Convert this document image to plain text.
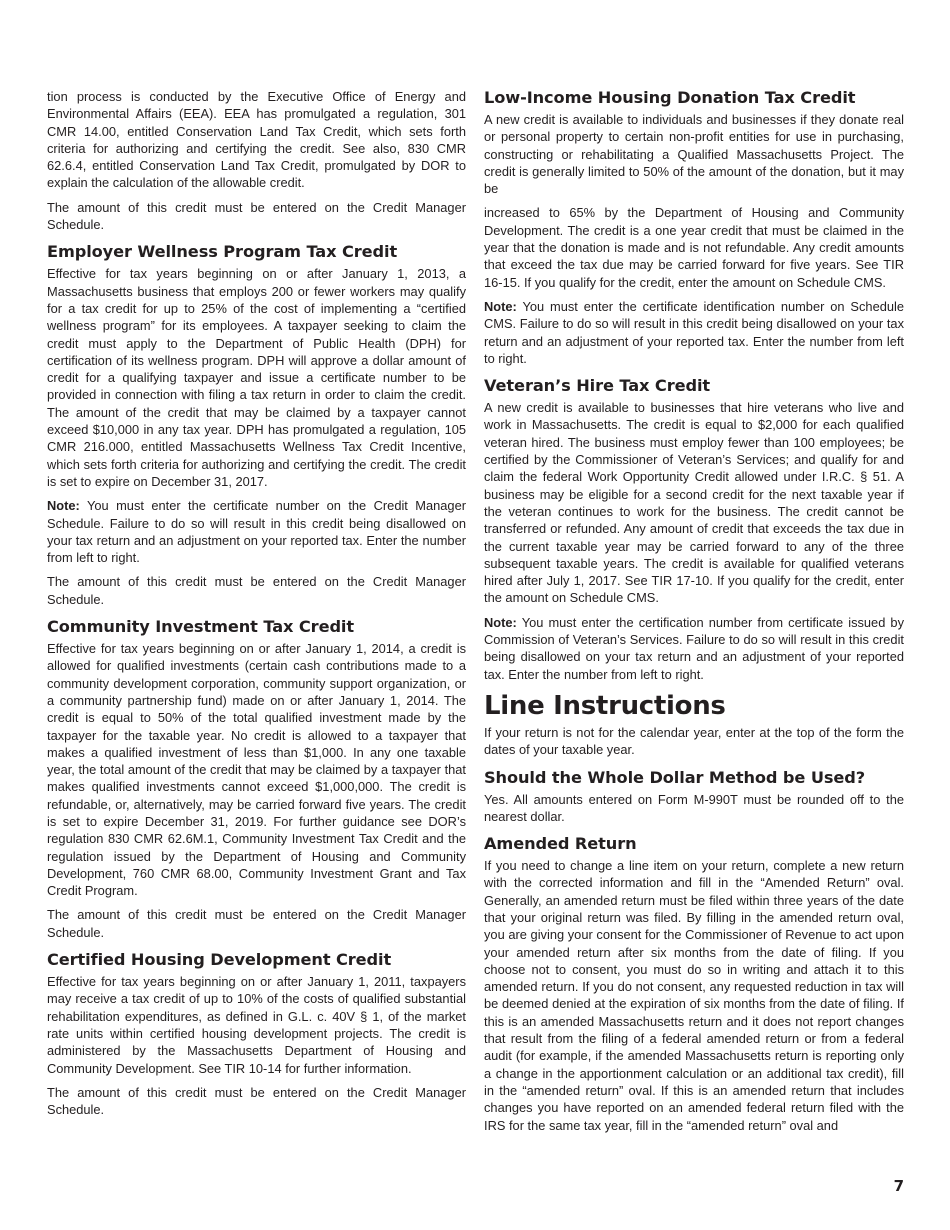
tion process is conducted by the Executive Office of Energy and Environmental Affairs (EEA). EEA has promulgated a regulation, 301 CMR 14.00, entitled Conservation Land Tax Credit, which sets forth criteria for authorizing and certifying the credit. See also, 830 CMR 62.6.4, entitled Conservation Land Tax Credit, promulgated by DOR to explain the calculation of the allowable credit.

The amount of this credit must be entered on the Credit Manager Schedule.

Employer Wellness Program Tax Credit

Effective for tax years beginning on or after January 1, 2013, a Massachusetts business that employs 200 or fewer workers may qualify for a tax credit for up to 25% of the cost of implementing a “certified wellness program” for its employees. A taxpayer seeking to claim the credit must apply to the Department of Public Health (DPH) for certification of its wellness program. DPH will approve a dollar amount of credit for a qualifying taxpayer and issue a certificate number to be provided in connection with filing a tax return in order to claim the credit. The amount of the credit that may be claimed by a taxpayer cannot exceed $10,000 in any tax year. DPH has promulgated a regulation, 105 CMR 216.000, entitled Massachusetts Wellness Tax Credit Incentive, which sets forth criteria for authorizing and certifying the credit. The credit is set to expire on December 31, 2017.

Note: You must enter the certificate number on the Credit Manager Schedule. Failure to do so will result in this credit being disallowed on your tax return and an adjustment on your reported tax. Enter the number from left to right.

The amount of this credit must be entered on the Credit Manager Schedule.

Community Investment Tax Credit

Effective for tax years beginning on or after January 1, 2014, a credit is allowed for qualified investments (certain cash contributions made to a community development corporation, community support organization, or a community partnership fund) made on or after January 1, 2014. The credit is equal to 50% of the total qualified investment made by the taxpayer for the taxable year. No credit is allowed to a taxpayer that makes a qualified investment of less than $1,000. In any one taxable year, the total amount of the credit that may be claimed by a taxpayer that makes qualified investments cannot exceed $1,000,000. The credit is refundable, or, alternatively, may be carried forward five years. The credit is set to expire December 31, 2019. For further guidance see DOR’s regulation 830 CMR 62.6M.1, Community Investment Tax Credit and the regulation issued by the Department of Housing and Community Development, 760 CMR 68.00, Community Investment Grant and Tax Credit Program.

The amount of this credit must be entered on the Credit Manager Schedule.

Certified Housing Development Credit

Effective for tax years beginning on or after January 1, 2011, taxpayers may receive a tax credit of up to 10% of the costs of qualified substantial rehabilitation expenditures, as defined in G.L. c. 40V § 1, of the market rate units within certified housing development projects. The credit is administered by the Massachusetts Department of Housing and Community Development. See TIR 10-14 for further information.

The amount of this credit must be entered on the Credit Manager Schedule.

Low-Income Housing Donation Tax Credit

A new credit is available to individuals and businesses if they donate real or personal property to certain non-profit entities for use in purchasing, constructing or rehabilitating a Qualified Massachusetts Project. The credit is generally limited to 50% of the amount of the donation, but it may be

increased to 65% by the Department of Housing and Community Development. The credit is a one year credit that must be claimed in the year that the donation is made and is not refundable. Any credit amounts that exceed the tax due may be carried forward for five years. See TIR 16-15. If you qualify for the credit, enter the amount on Schedule CMS.

Note: You must enter the certificate identification number on Schedule CMS. Failure to do so will result in this credit being disallowed on your tax return and an adjustment of your reported tax. Enter the number from left to right.

Veteran’s Hire Tax Credit

A new credit is available to businesses that hire veterans who live and work in Massachusetts. The credit is equal to $2,000 for each qualified veteran hired. The business must employ fewer than 100 employees; be certified by the Commissioner of Veteran’s Services; and qualify for and claim the federal Work Opportunity Credit allowed under I.R.C. § 51. A business may be eligible for a second credit for the next taxable year if the veteran continues to work for the business. The credit cannot be transferred or refunded. Any amount of credit that exceeds the tax due in the current taxable year may be carried forward to any of the three subsequent taxable years. The credit is available for qualified veterans hired after July 1, 2017. See TIR 17-10. If you qualify for the credit, enter the amount on Schedule CMS.

Note: You must enter the certification number from certificate issued by Commission of Veteran’s Services. Failure to do so will result in this credit being disallowed on your tax return and an adjustment of your reported tax. Enter the number from left to right.

Line Instructions

If your return is not for the calendar year, enter at the top of the form the dates of your taxable year.

Should the Whole Dollar Method be Used?

Yes. All amounts entered on Form M-990T must be rounded off to the nearest dollar.

Amended Return

If you need to change a line item on your return, complete a new return with the corrected information and fill in the “Amended Return” oval. Generally, an amended return must be filed within three years of the date that your original return was filed. By filling in the amended return oval, you are giving your consent for the Commissioner of Revenue to act upon your amended return after six months from the date of filing. If you choose not to consent, you must do so in writing and attach it to this amended return. If you do not consent, any requested reduction in tax will be deemed denied at the expiration of six months from the date of filing. If this is an amended Massachusetts return and it does not report changes that result from the filing of a federal amended return or from a federal audit (for example, if the amended Massachusetts return is reporting only a change in the apportionment calculation or an additional tax credit), fill in the “amended return” oval. If this is an amended return that includes changes you have reported on an amended federal return filed with the IRS for the same tax year, fill in the “amended return” oval and

7
